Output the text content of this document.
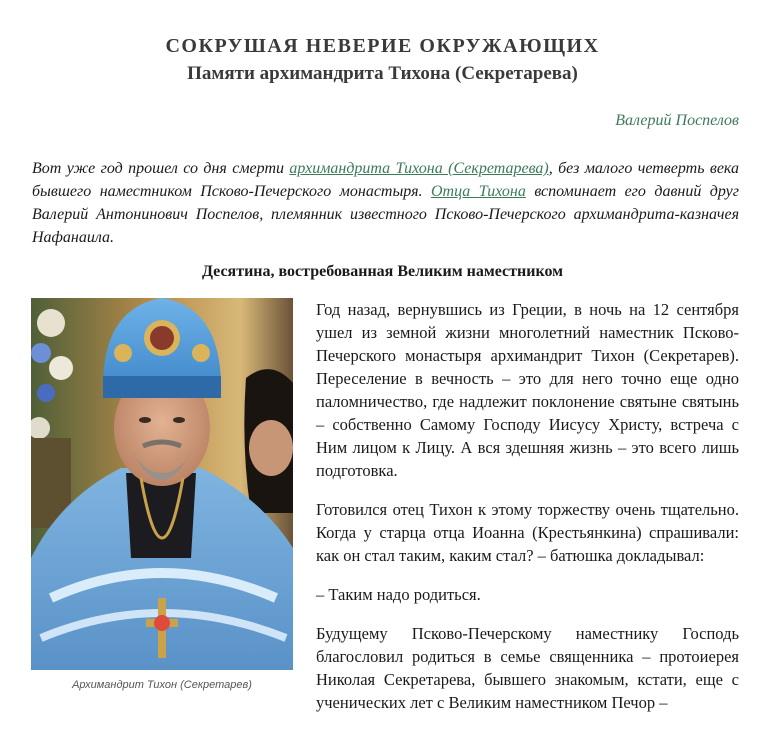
СОКРУШАЯ НЕВЕРИЕ ОКРУЖАЮЩИХ
Памяти архимандрита Тихона (Секретарева)
Валерий Поспелов

Вот уже год прошел со дня смерти архимандрита Тихона (Секретарева), без малого четверть века бывшего наместником Псково-Печерского монастыря. Отца Тихона вспоминает его давний друг Валерий Антонинович Поспелов, племянник известного Псково-Печерского архимандрита-казначея Нафанаила.

Десятина, востребованная Великим наместником
Архимандрит Тихон (Секретарев)

Год назад, вернувшись из Греции, в ночь на 12 сентября ушел из земной жизни многолетний наместник Псково-Печерского монастыря архимандрит Тихон (Секретарев). Переселение в вечность – это для него точно еще одно паломничество, где надлежит поклонение святыне святынь – собственно Самому Господу Иисусу Христу, встреча с Ним лицом к Лицу. А вся здешняя жизнь – это всего лишь подготовка.

Готовился отец Тихон к этому торжеству очень тщательно. Когда у старца отца Иоанна (Крестьянкина) спрашивали: как он стал таким, каким стал? – батюшка докладывал:

– Таким надо родиться.

Будущему Псково-Печерскому наместнику Господь благословил родиться в семье священника – протоиерея Николая Секретарева, бывшего знакомым, кстати, еще с ученических лет с Великим наместником Печор –
